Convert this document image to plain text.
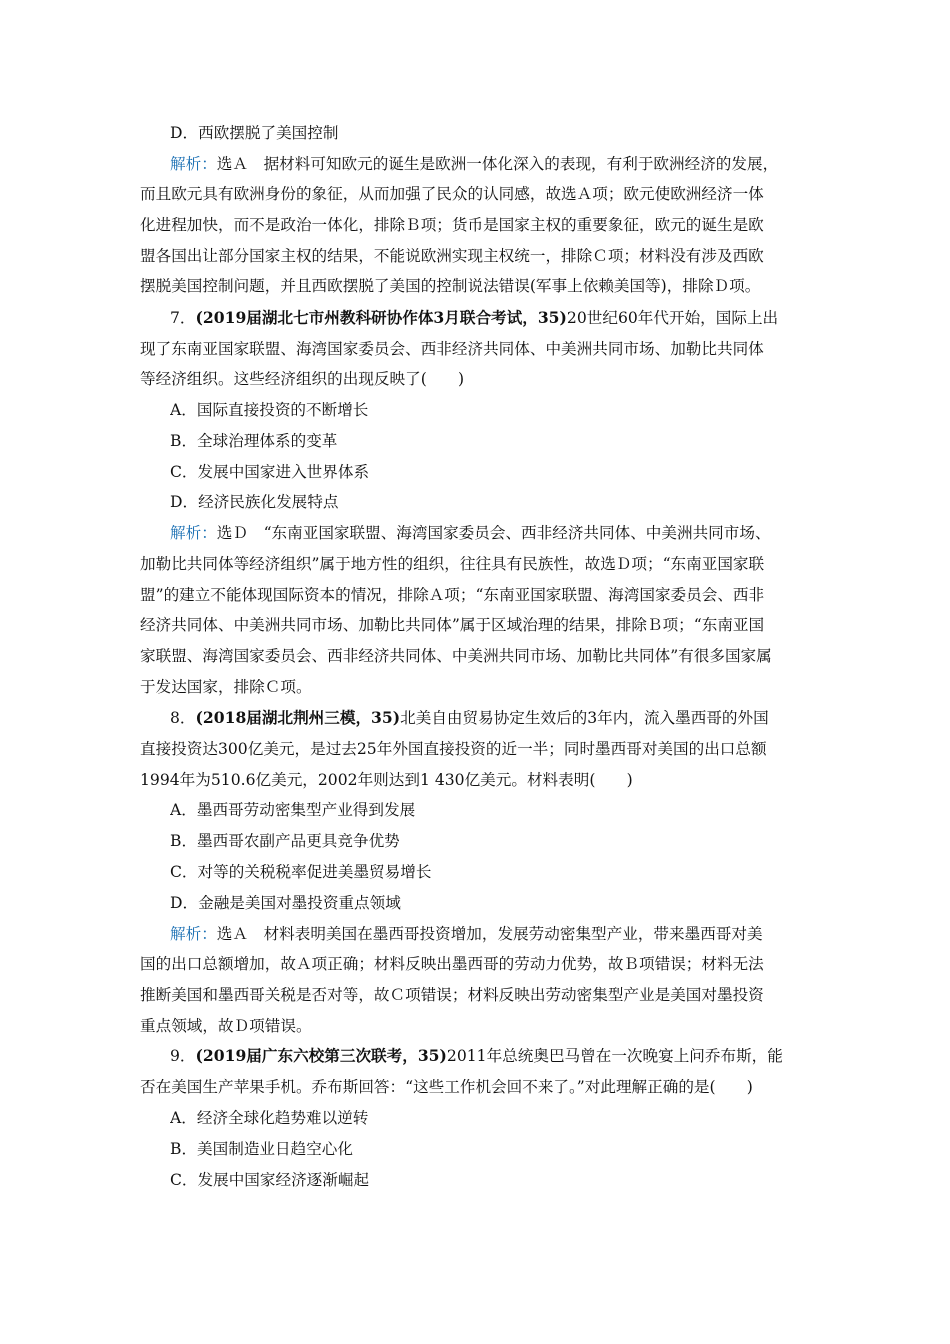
D．西欧摆脱了美国控制
解析：选Ａ　据材料可知欧元的诞生是欧洲一体化深入的表现，有利于欧洲经济的发展，
而且欧元具有欧洲身份的象征，从而加强了民众的认同感，故选Ａ项；欧元使欧洲经济一体
化进程加快，而不是政治一体化，排除Ｂ项；货币是国家主权的重要象征，欧元的诞生是欧
盟各国出让部分国家主权的结果，不能说欧洲实现主权统一，排除Ｃ项；材料没有涉及西欧
摆脱美国控制问题，并且西欧摆脱了美国的控制说法错误(军事上依赖美国等)，排除Ｄ项。
7．(2019届湖北七市州教科研协作体3月联合考试，35)20世纪60年代开始，国际上出
现了东南亚国家联盟、海湾国家委员会、西非经济共同体、中美洲共同市场、加勒比共同体
等经济组织。这些经济组织的出现反映了(　　)
A．国际直接投资的不断增长
B．全球治理体系的变革
C．发展中国家进入世界体系
D．经济民族化发展特点
解析：选Ｄ　“东南亚国家联盟、海湾国家委员会、西非经济共同体、中美洲共同市场、
加勒比共同体等经济组织”属于地方性的组织，往往具有民族性，故选Ｄ项；“东南亚国家联
盟”的建立不能体现国际资本的情况，排除Ａ项；“东南亚国家联盟、海湾国家委员会、西非
经济共同体、中美洲共同市场、加勒比共同体”属于区域治理的结果，排除Ｂ项；“东南亚国
家联盟、海湾国家委员会、西非经济共同体、中美洲共同市场、加勒比共同体”有很多国家属
于发达国家，排除Ｃ项。
8．(2018届湖北荆州三模，35)北美自由贸易协定生效后的3年内，流入墨西哥的外国
直接投资达300亿美元，是过去25年外国直接投资的近一半；同时墨西哥对美国的出口总额
1994年为510.6亿美元，2002年则达到1 430亿美元。材料表明(　　)
A．墨西哥劳动密集型产业得到发展
B．墨西哥农副产品更具竞争优势
C．对等的关税税率促进美墨贸易增长
D．金融是美国对墨投资重点领域
解析：选Ａ　材料表明美国在墨西哥投资增加，发展劳动密集型产业，带来墨西哥对美
国的出口总额增加，故Ａ项正确；材料反映出墨西哥的劳动力优势，故Ｂ项错误；材料无法
推断美国和墨西哥关税是否对等，故Ｃ项错误；材料反映出劳动密集型产业是美国对墨投资
重点领域，故Ｄ项错误。
9．(2019届广东六校第三次联考，35)2011年总统奥巴马曾在一次晚宴上问乔布斯，能
否在美国生产苹果手机。乔布斯回答：“这些工作机会回不来了。”对此理解正确的是(　　)
A．经济全球化趋势难以逆转
B．美国制造业日趋空心化
C．发展中国家经济逐渐崛起
